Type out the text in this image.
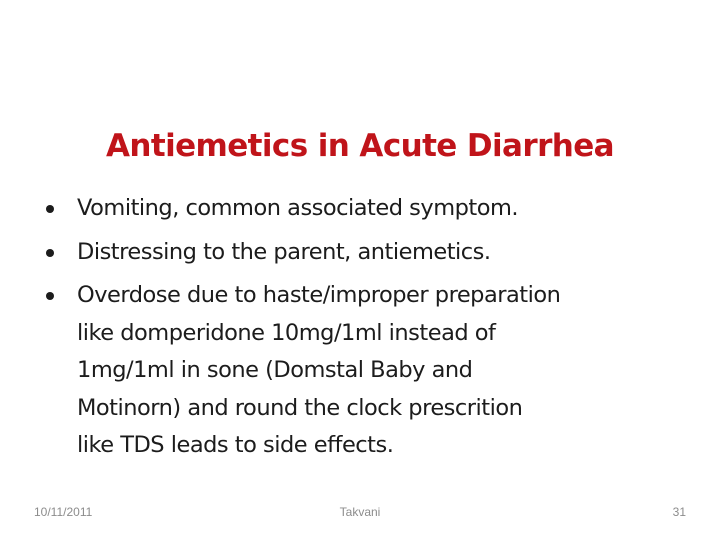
Antiemetics in Acute Diarrhea
Vomiting, common associated symptom.
Distressing to the parent, antiemetics.
Overdose due to haste/improper preparation
like domperidone 10mg/1ml instead of
1mg/1ml in sone (Domstal Baby and
Motinorn) and round the clock prescrition
like TDS leads to side effects.
10/11/2011	Takvani	31
